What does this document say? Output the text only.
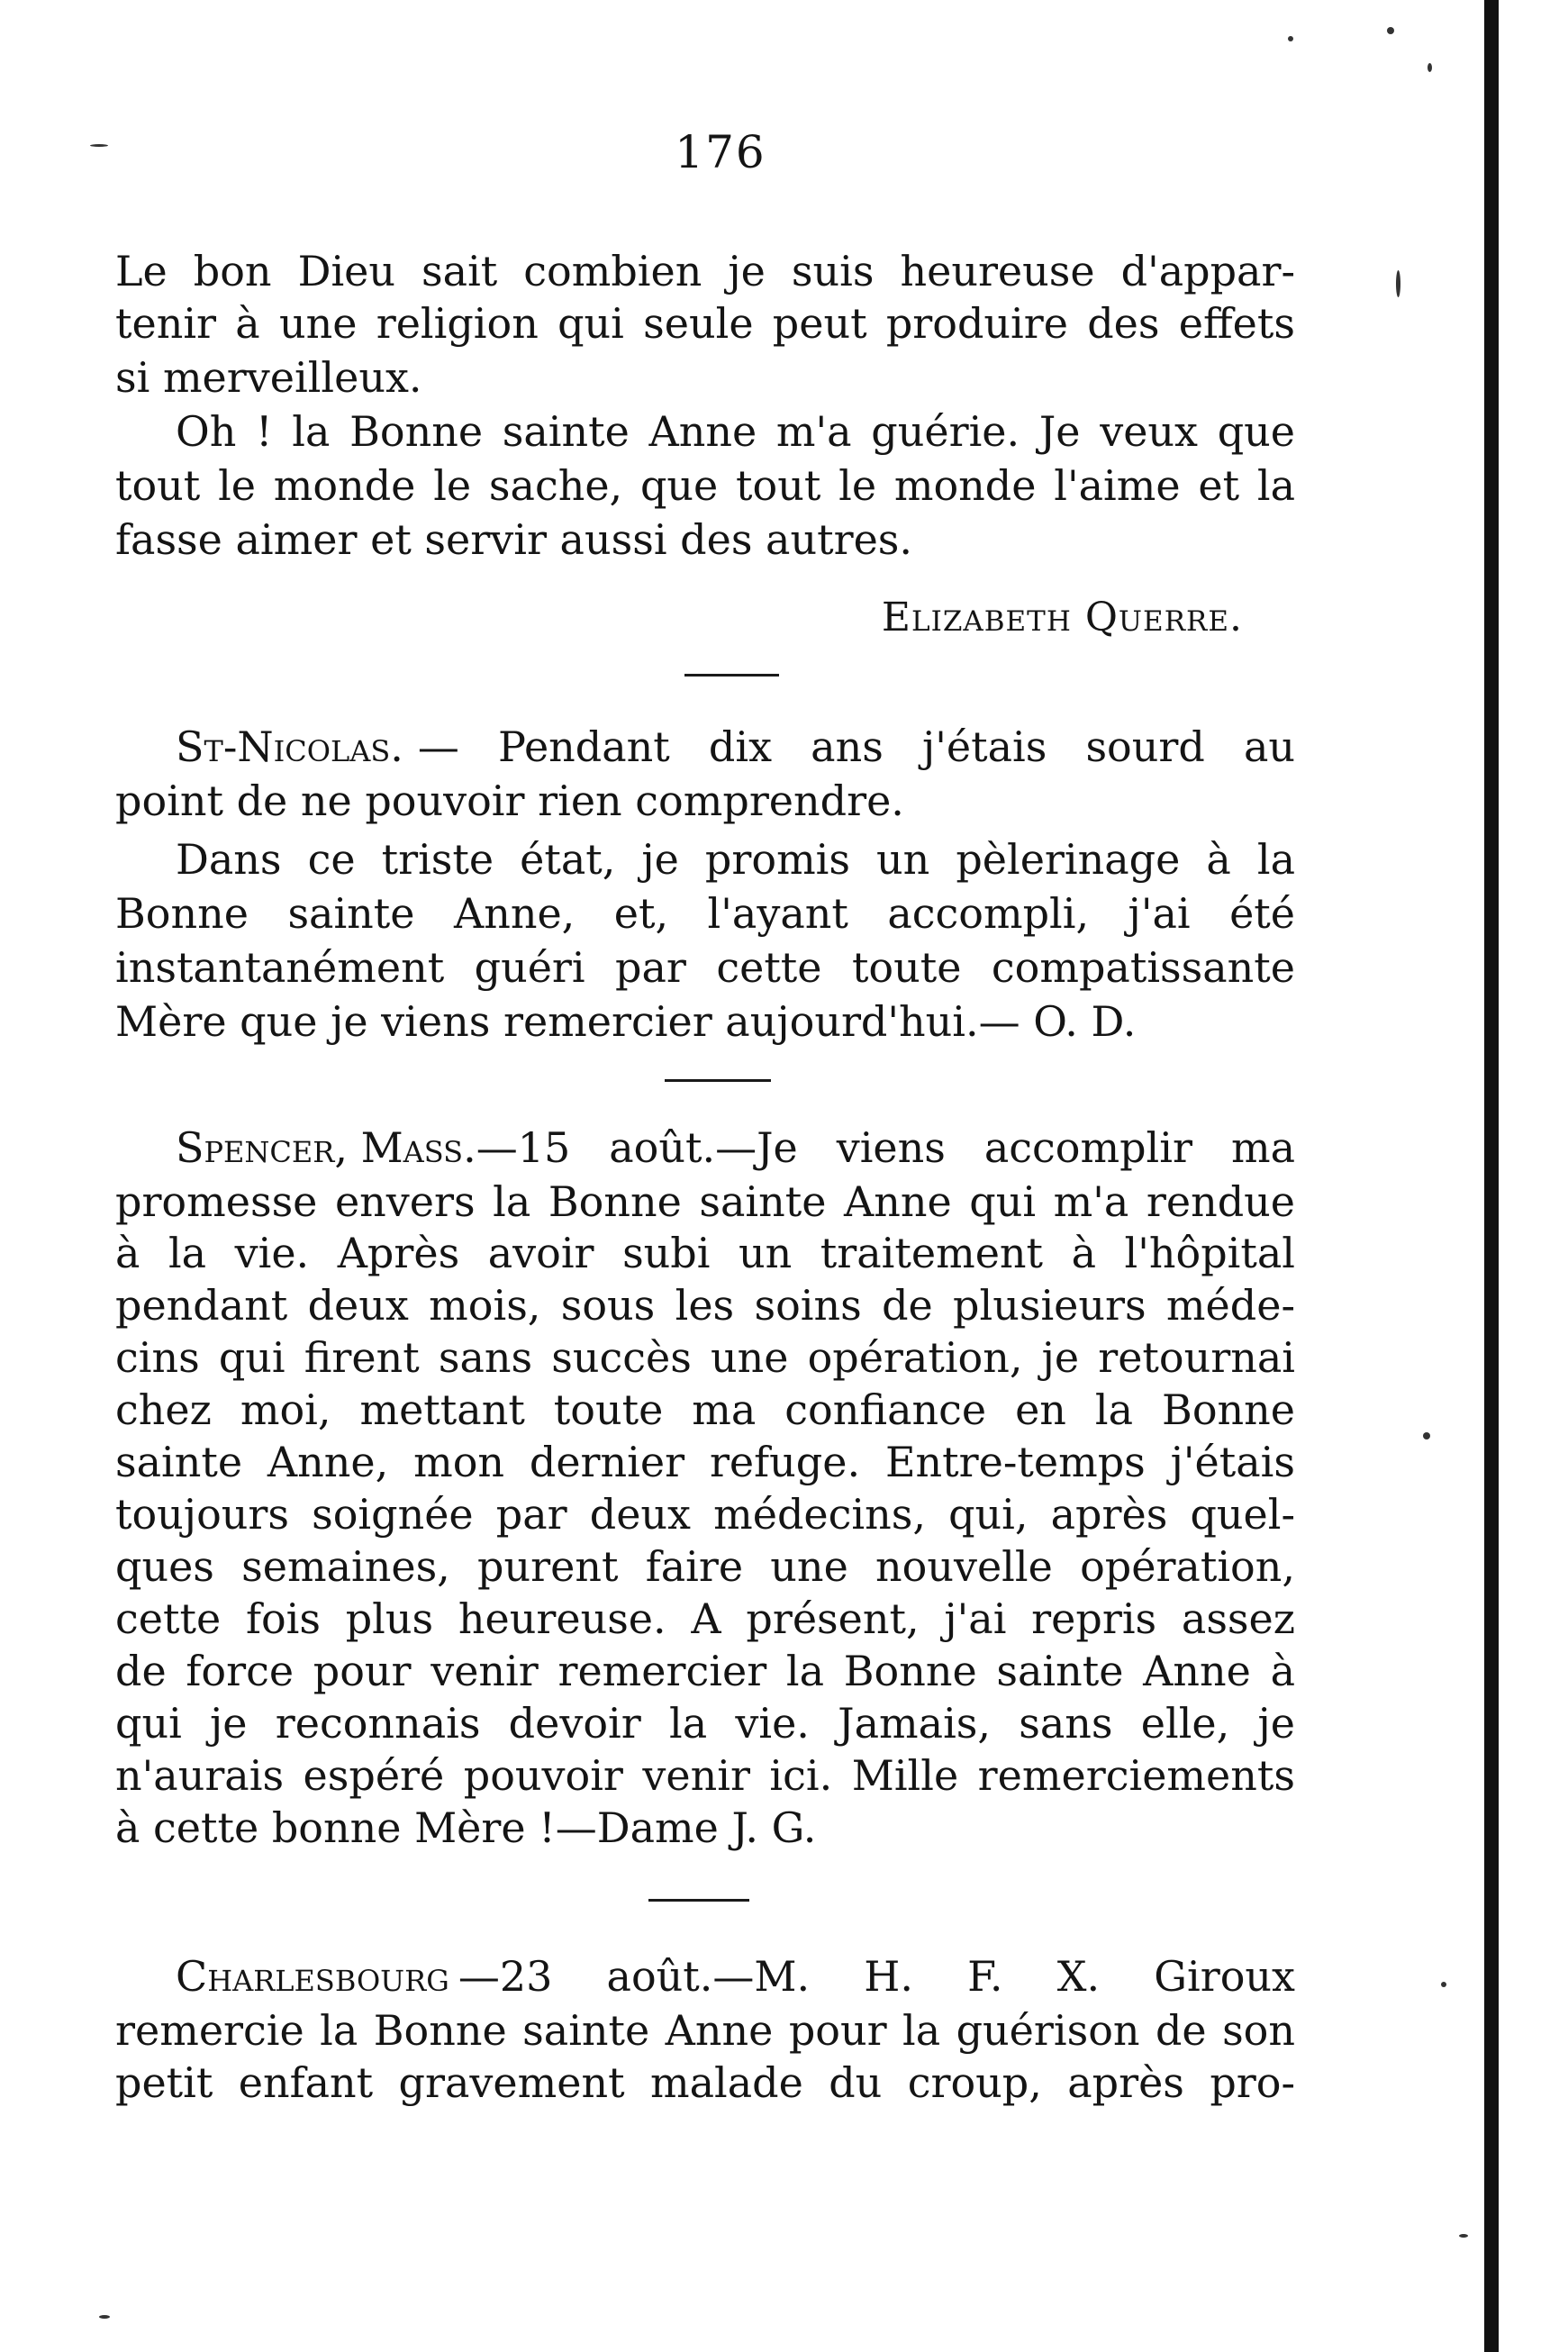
176
Le bon Dieu sait combien je suis heureuse d'appar-
tenir à une religion qui seule peut produire des effets
si merveilleux.
Oh ! la Bonne sainte Anne m'a guérie. Je veux que
tout le monde le sache, que tout le monde l'aime et la
fasse aimer et servir aussi des autres.
Elizabeth Querre.
St-Nicolas. — Pendant dix ans j'étais sourd au
point de ne pouvoir rien comprendre.
Dans ce triste état, je promis un pèlerinage à la
Bonne sainte Anne, et, l'ayant accompli, j'ai été
instantanément guéri par cette toute compatissante
Mère que je viens remercier aujourd'hui.— O. D.
Spencer, Mass. —15 août.—Je viens accomplir ma
promesse envers la Bonne sainte Anne qui m'a rendue
à la vie. Après avoir subi un traitement à l'hôpital
pendant deux mois, sous les soins de plusieurs méde-
cins qui firent sans succès une opération, je retournai
chez moi, mettant toute ma confiance en la Bonne
sainte Anne, mon dernier refuge. Entre-temps j'étais
toujours soignée par deux médecins, qui, après quel-
ques semaines, purent faire une nouvelle opération,
cette fois plus heureuse. A présent, j'ai repris assez
de force pour venir remercier la Bonne sainte Anne à
qui je reconnais devoir la vie. Jamais, sans elle, je
n'aurais espéré pouvoir venir ici. Mille remerciements
à cette bonne Mère !—Dame J. G.
Charlesbourg —23 août.—M. H. F. X. Giroux
remercie la Bonne sainte Anne pour la guérison de son
petit enfant gravement malade du croup, après pro-
